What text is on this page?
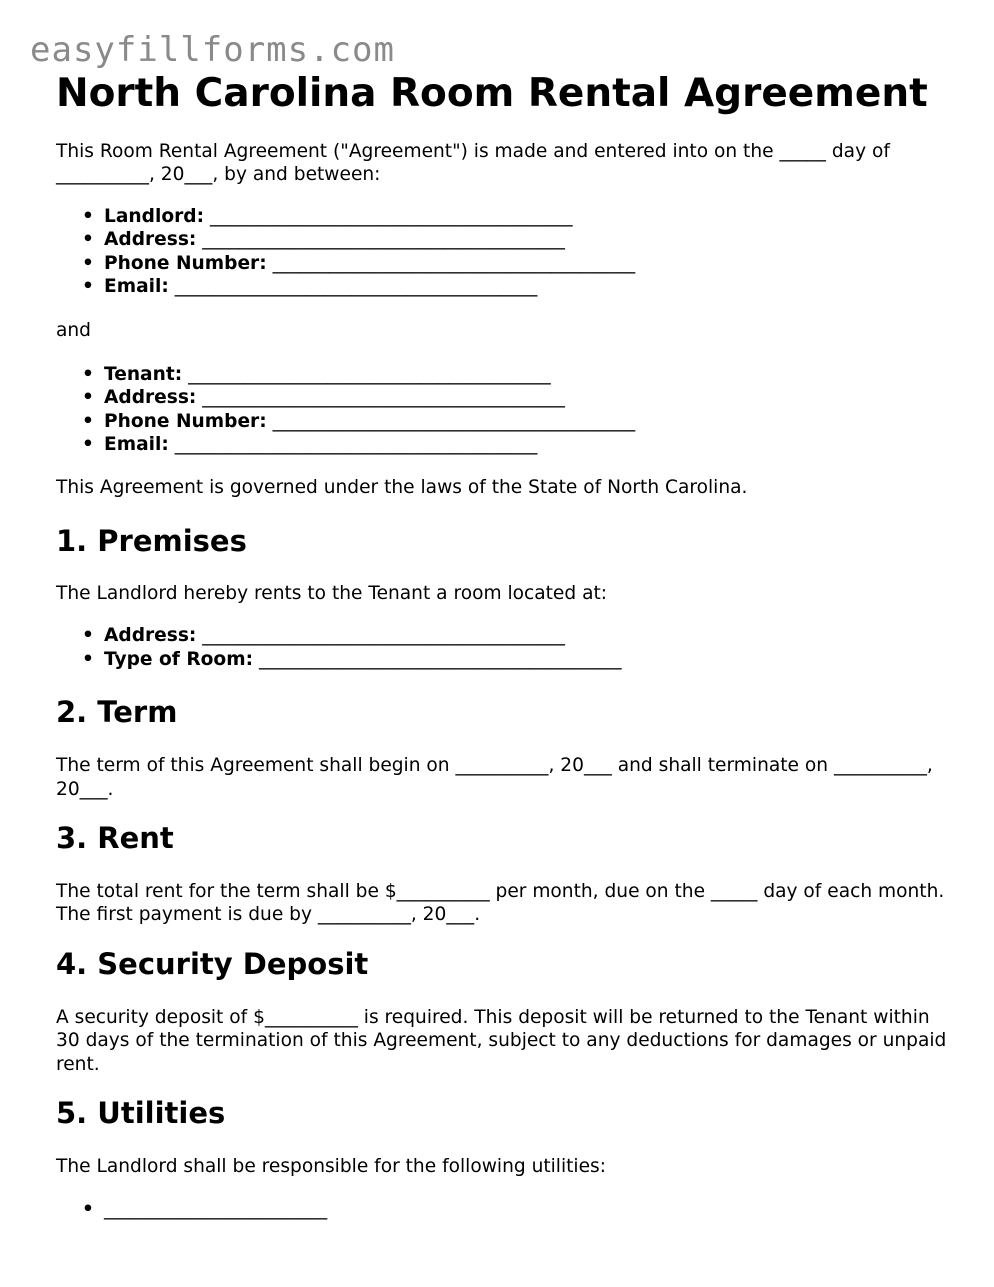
easyfillforms.com
North Carolina Room Rental Agreement

This Room Rental Agreement ("Agreement") is made and entered into on the _____ day of __________, 20___, by and between:

• Landlord: _______________________________________
• Address: _______________________________________
• Phone Number: _______________________________________
• Email: _______________________________________

and

• Tenant: _______________________________________
• Address: _______________________________________
• Phone Number: _______________________________________
• Email: _______________________________________

This Agreement is governed under the laws of the State of North Carolina.

1. Premises

The Landlord hereby rents to the Tenant a room located at:

• Address: _______________________________________
• Type of Room: _______________________________________
2. Term

The term of this Agreement shall begin on __________, 20___ and shall terminate on __________, 20___.

3. Rent

The total rent for the term shall be $__________ per month, due on the _____ day of each month. The first payment is due by __________, 20___.

4. Security Deposit

A security deposit of $__________ is required. This deposit will be returned to the Tenant within 30 days of the termination of this Agreement, subject to any deductions for damages or unpaid rent.

5. Utilities

The Landlord shall be responsible for the following utilities:

• ________________________
